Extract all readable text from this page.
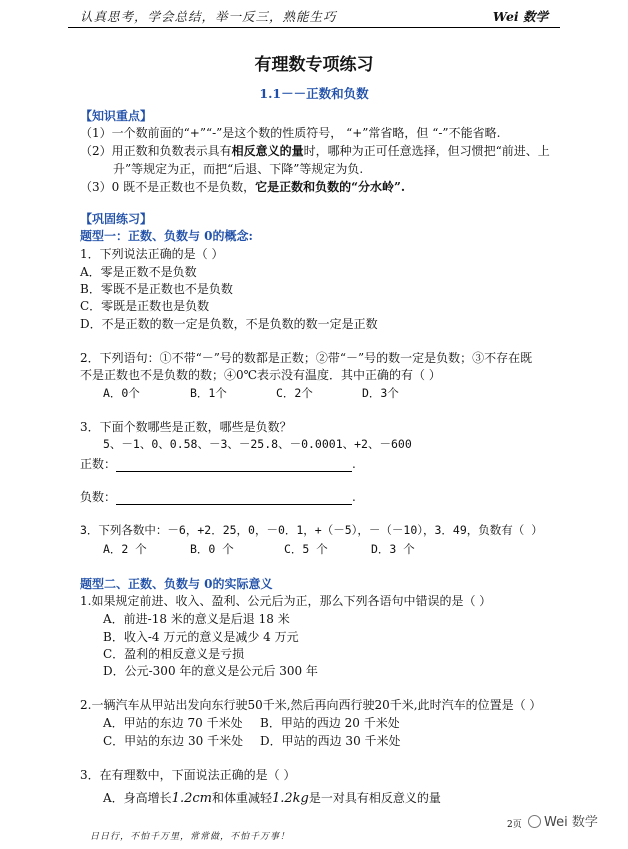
认真思考，学会总结，举一反三，熟能生巧	Wei 数学
有理数专项练习
1.1－－正数和负数
【知识重点】
（1）一个数前面的“+”“-”是这个数的性质符号， “+”常省略，但 “-”不能省略.
（2）用正数和负数表示具有相反意义的量时，哪种为正可任意选择，但习惯把“前进、上
升”等规定为正，而把“后退、下降”等规定为负.
（3）0 既不是正数也不是负数，它是正数和负数的“分水岭”.
【巩固练习】
题型一：正数、负数与 0的概念:
1．下列说法正确的是（ ）
A．零是正数不是负数
B．零既不是正数也不是负数
C．零既是正数也是负数
D．不是正数的数一定是负数，不是负数的数一定是正数
2．下列语句：①不带“－”号的数都是正数；②带“－”号的数一定是负数；③不存在既
不是正数也不是负数的数；④0℃表示没有温度．其中正确的有（ ）
A．0个	B．1个	C．2个	D．3个
3．下面个数哪些是正数，哪些是负数？
5、－1、0、0.58、－3、－25.8、－0.0001、+2、－600
正数：	.
负数：	.
3．下列各数中：－6，+2．25，0，－0．1，+（－5），－（－10），3．49，负数有（ ）
A．2 个	B．0 个	C．5 个	D．3 个
题型二、正数、负数与 0的实际意义
1.如果规定前进、收入、盈利、公元后为正，那么下列各语句中错误的是（ ）
A．前进-18 米的意义是后退 18 米
B．收入-4 万元的意义是减少 4 万元
C．盈利的相反意义是亏损
D．公元-300 年的意义是公元后 300 年
2.一辆汽车从甲站出发向东行驶50千米,然后再向西行驶20千米,此时汽车的位置是（ ）
A．甲站的东边 70 千米处 B．甲站的西边 20 千米处
C．甲站的东边 30 千米处 D．甲站的西边 30 千米处
3．在有理数中，下面说法正确的是（ ）
A．身高增长1.2cm和体重减轻1.2kg是一对具有相反意义的量
2页	Wei 数学
日日行，不怕千万里，常常做，不怕千万事！
